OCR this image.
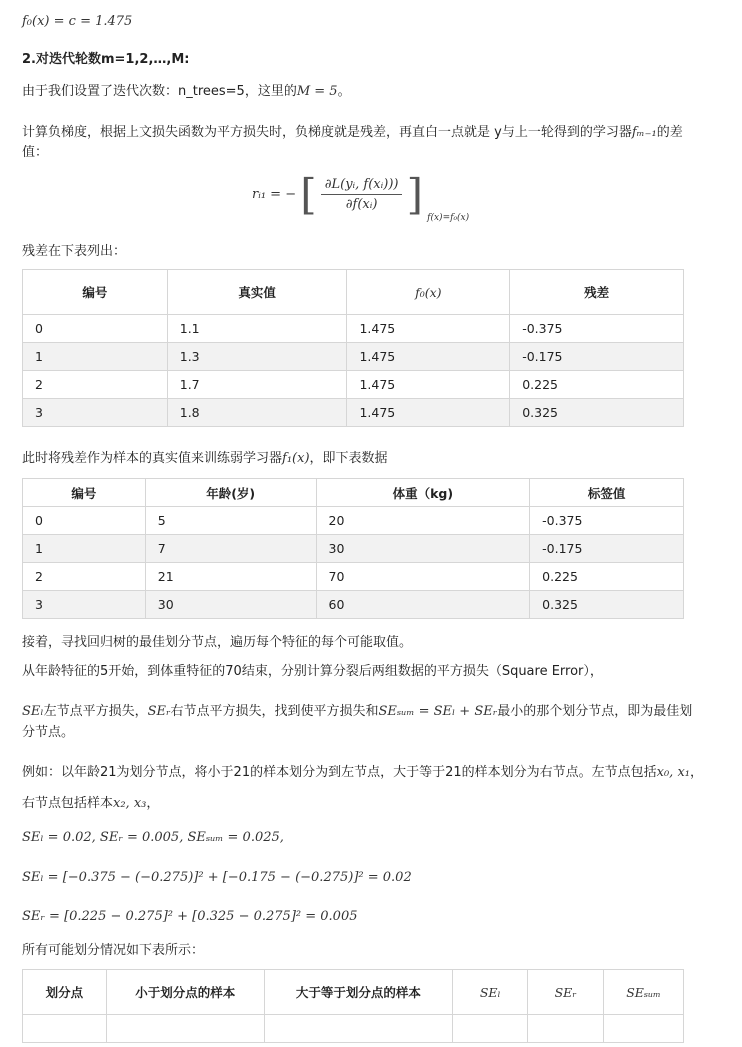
f₀(x) = c = 1.475
2.对迭代轮数m=1,2,…,M:
由于我们设置了迭代次数：n_trees=5，这里的M = 5。
计算负梯度，根据上文损失函数为平方损失时，负梯度就是残差，再直白一点就是 y与上一轮得到的学习器fₘ₋₁的差
值：
rᵢ₁ = − [ $\frac{\text{∂L(yᵢ, f(xᵢ)))}}{\text{∂f(xᵢ)}}$ ] $_{f(x)=f_0(x)}$
残差在下表列出：
编号	真实值	f₀(x)	残差
0	1.1	1.475	-0.375
1	1.3	1.475	-0.175
2	1.7	1.475	0.225
3	1.8	1.475	0.325
此时将残差作为样本的真实值来训练弱学习器f₁(x)，即下表数据
编号	年龄(岁)	体重（kg)	标签值
0	5	20	-0.375
1	7	30	-0.175
2	21	70	0.225
3	30	60	0.325
接着，寻找回归树的最佳划分节点，遍历每个特征的每个可能取值。
从年龄特征的5开始，到体重特征的70结束，分别计算分裂后两组数据的平方损失（Square Error），
SEₗ左节点平方损失，SEᵣ右节点平方损失，找到使平方损失和SEₛᵤₘ = SEₗ + SEᵣ最小的那个划分节点，即为最佳划
分节点。
例如：以年龄21为划分节点，将小于21的样本划分为到左节点，大于等于21的样本划分为右节点。左节点包括x₀, x₁，
右节点包括样本x₂, x₃，
SEₗ = 0.02, SEᵣ = 0.005, SEₛᵤₘ = 0.025,
SEₗ = [−0.375 − (−0.275)]² + [−0.175 − (−0.275)]² = 0.02
SEᵣ = [0.225 − 0.275]² + [0.325 − 0.275]² = 0.005
所有可能划分情况如下表所示：
划分点	小于划分点的样本	大于等于划分点的样本	SEₗ	SEᵣ	SEₛᵤₘ
